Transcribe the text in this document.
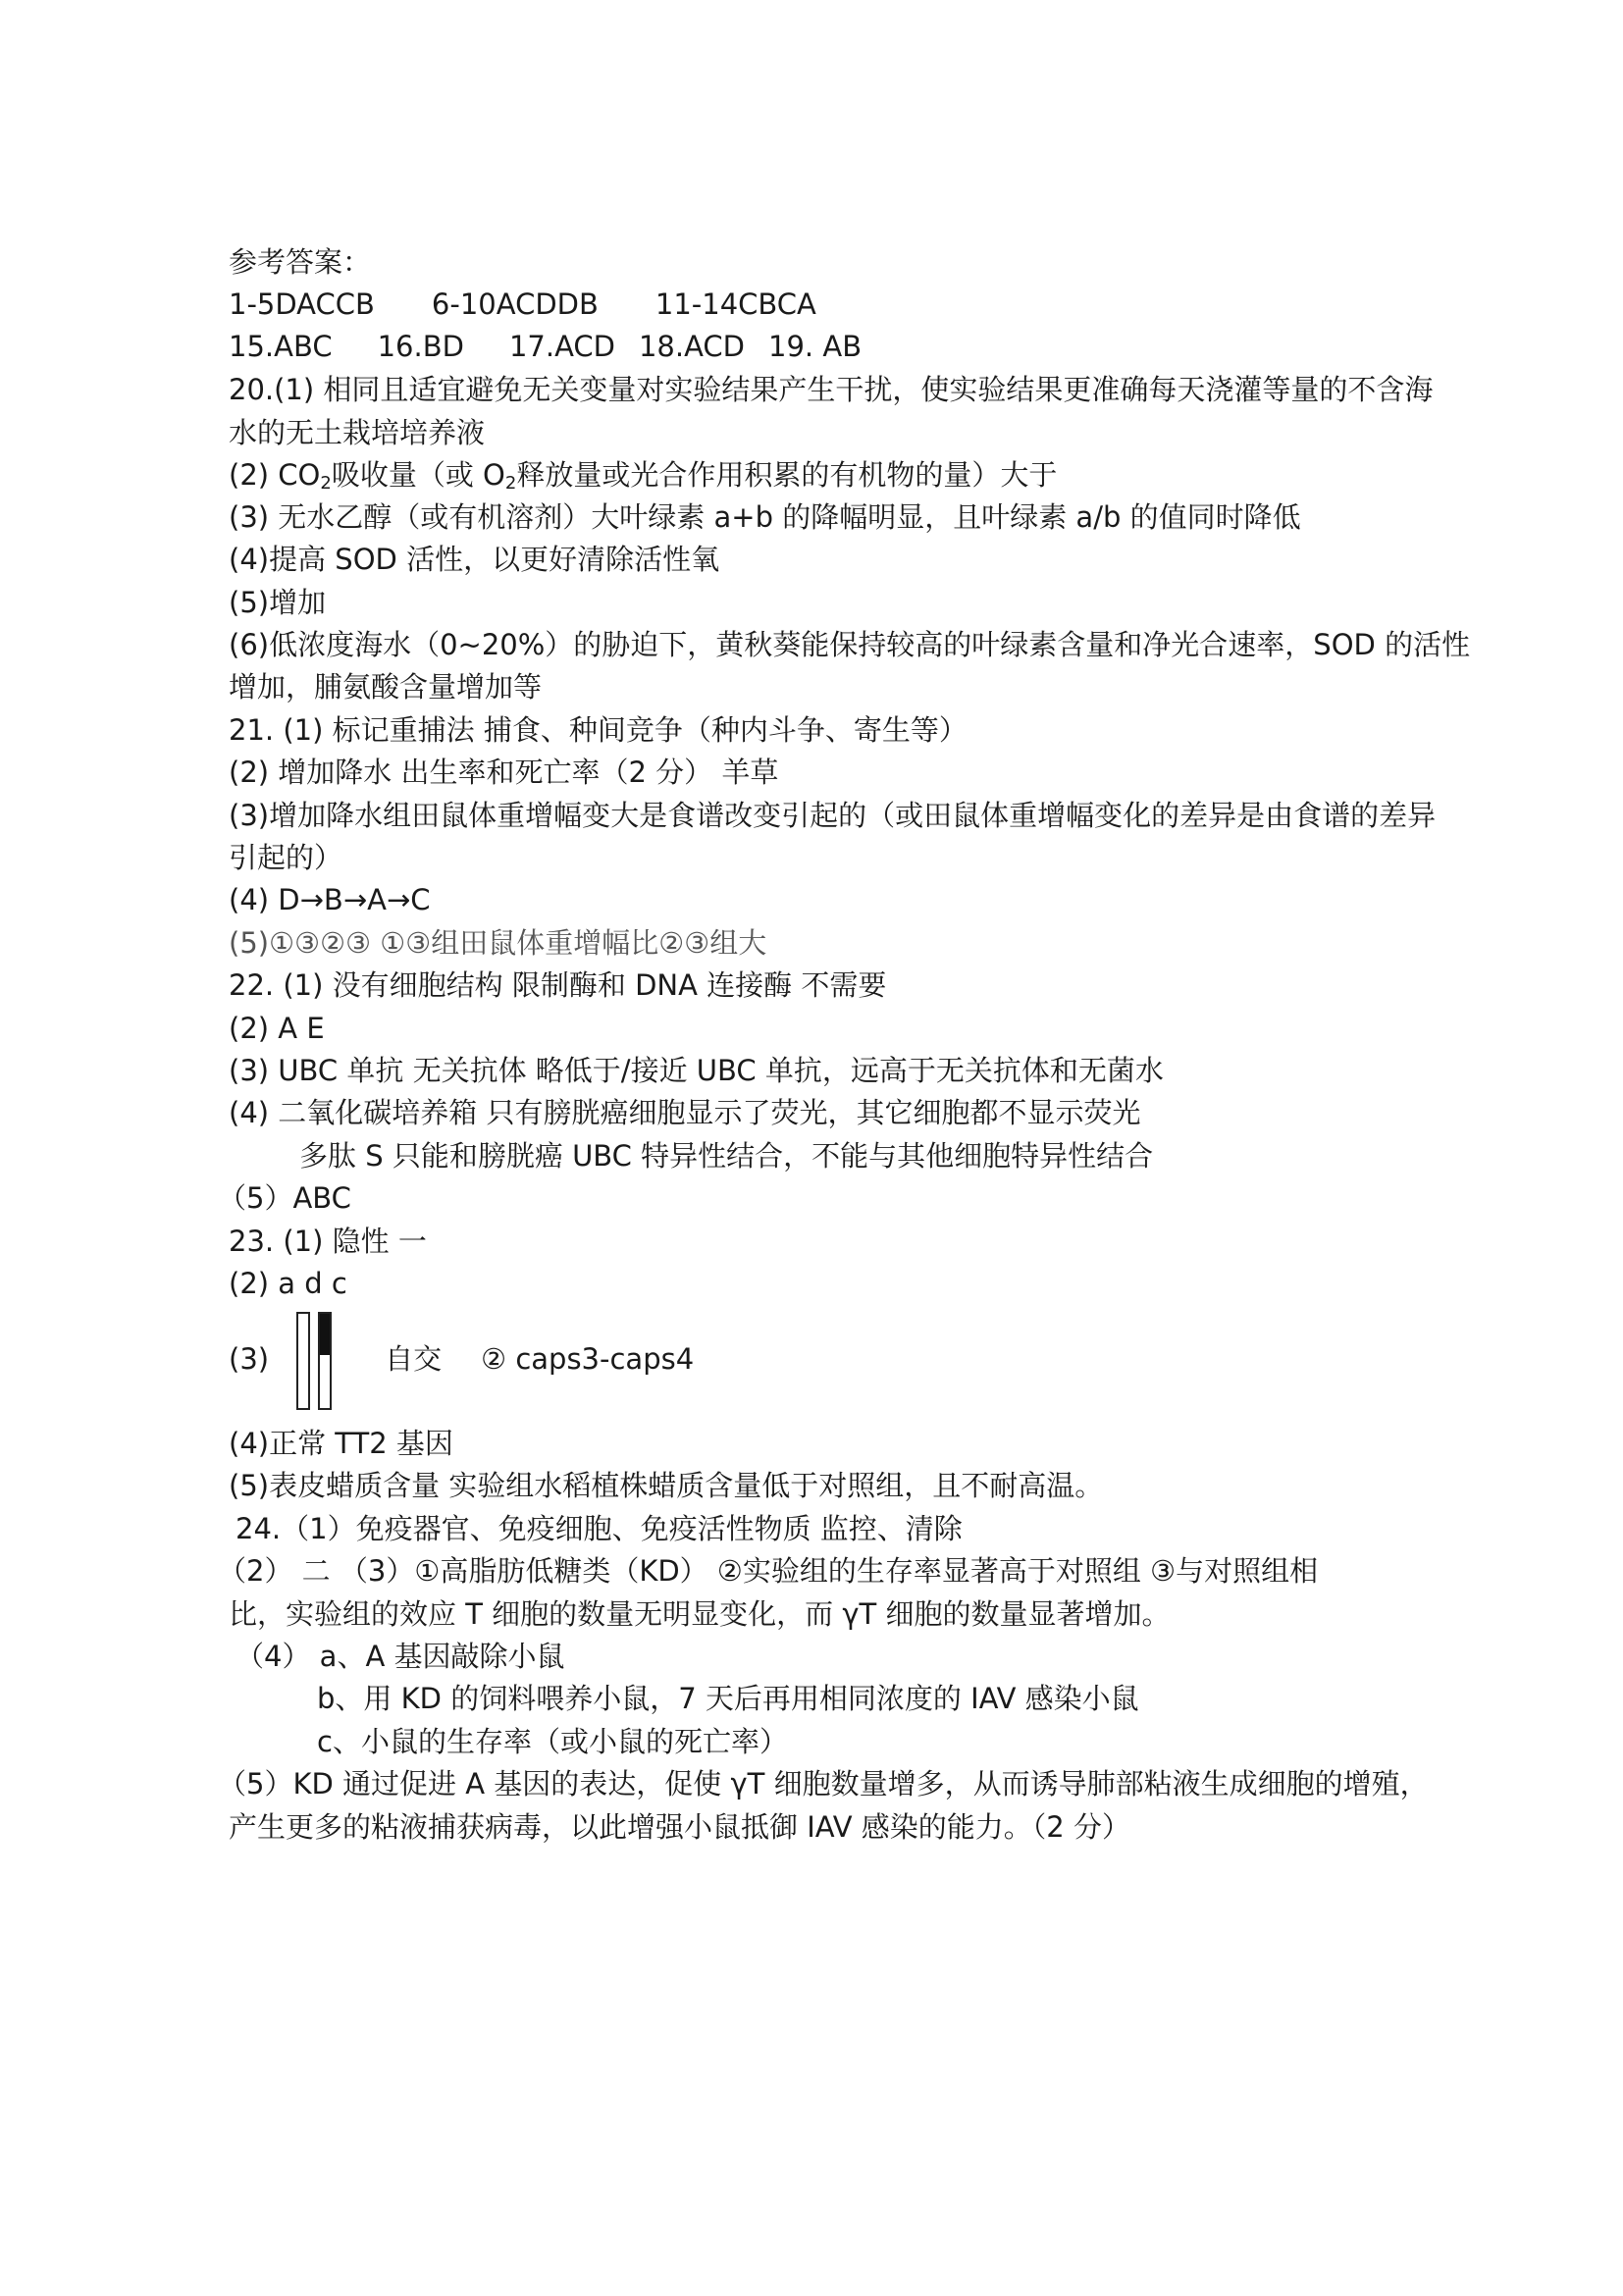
参考答案：
1-5DACCB 6-10ACDDB 11-14CBCA
15.ABC 16.BD 17.ACD 18.ACD 19. AB
20.(1) 相同且适宜避免无关变量对实验结果产生干扰，使实验结果更准确每天浇灌等量的不含海
水的无土栽培培养液
(2) $CO_2$吸收量（或 $O_2$释放量或光合作用积累的有机物的量）大于
(3) 无水乙醇（或有机溶剂）大叶绿素 a+b 的降幅明显，且叶绿素 a/b 的值同时降低
(4)提高 SOD 活性，以更好清除活性氧
(5)增加
(6)低浓度海水（0~20%）的胁迫下，黄秋葵能保持较高的叶绿素含量和净光合速率，SOD 的活性
增加，脯氨酸含量增加等
21. (1) 标记重捕法 捕食、种间竞争（种内斗争、寄生等）
(2) 增加降水 出生率和死亡率（2 分） 羊草
(3)增加降水组田鼠体重增幅变大是食谱改变引起的（或田鼠体重增幅变化的差异是由食谱的差异
引起的）
(4) D→B→A→C
(5)①③②③ ①③组田鼠体重增幅比②③组大
22. (1) 没有细胞结构 限制酶和 DNA 连接酶 不需要
(2) A E
(3) UBC 单抗 无关抗体 略低于/接近 UBC 单抗，远高于无关抗体和无菌水
(4) 二氧化碳培养箱 只有膀胱癌细胞显示了荧光，其它细胞都不显示荧光
多肽 S 只能和膀胱癌 UBC 特异性结合，不能与其他细胞特异性结合
（5）ABC
23. (1) 隐性 一
(2) a d c
(3)	自交 ② caps3-caps4
(4)正常 TT2 基因
(5)表皮蜡质含量 实验组水稻植株蜡质含量低于对照组，且不耐高温。
24.（1）免疫器官、免疫细胞、免疫活性物质 监控、清除
（2） 二 （3）①高脂肪低糖类（KD） ②实验组的生存率显著高于对照组 ③与对照组相
比，实验组的效应 T 细胞的数量无明显变化，而 γT 细胞的数量显著增加。
（4） a、A 基因敲除小鼠
b、用 KD 的饲料喂养小鼠，7 天后再用相同浓度的 IAV 感染小鼠
c、小鼠的生存率（或小鼠的死亡率）
（5）KD 通过促进 A 基因的表达，促使 γT 细胞数量增多，从而诱导肺部粘液生成细胞的增殖，
产生更多的粘液捕获病毒，以此增强小鼠抵御 IAV 感染的能力。（2 分）
